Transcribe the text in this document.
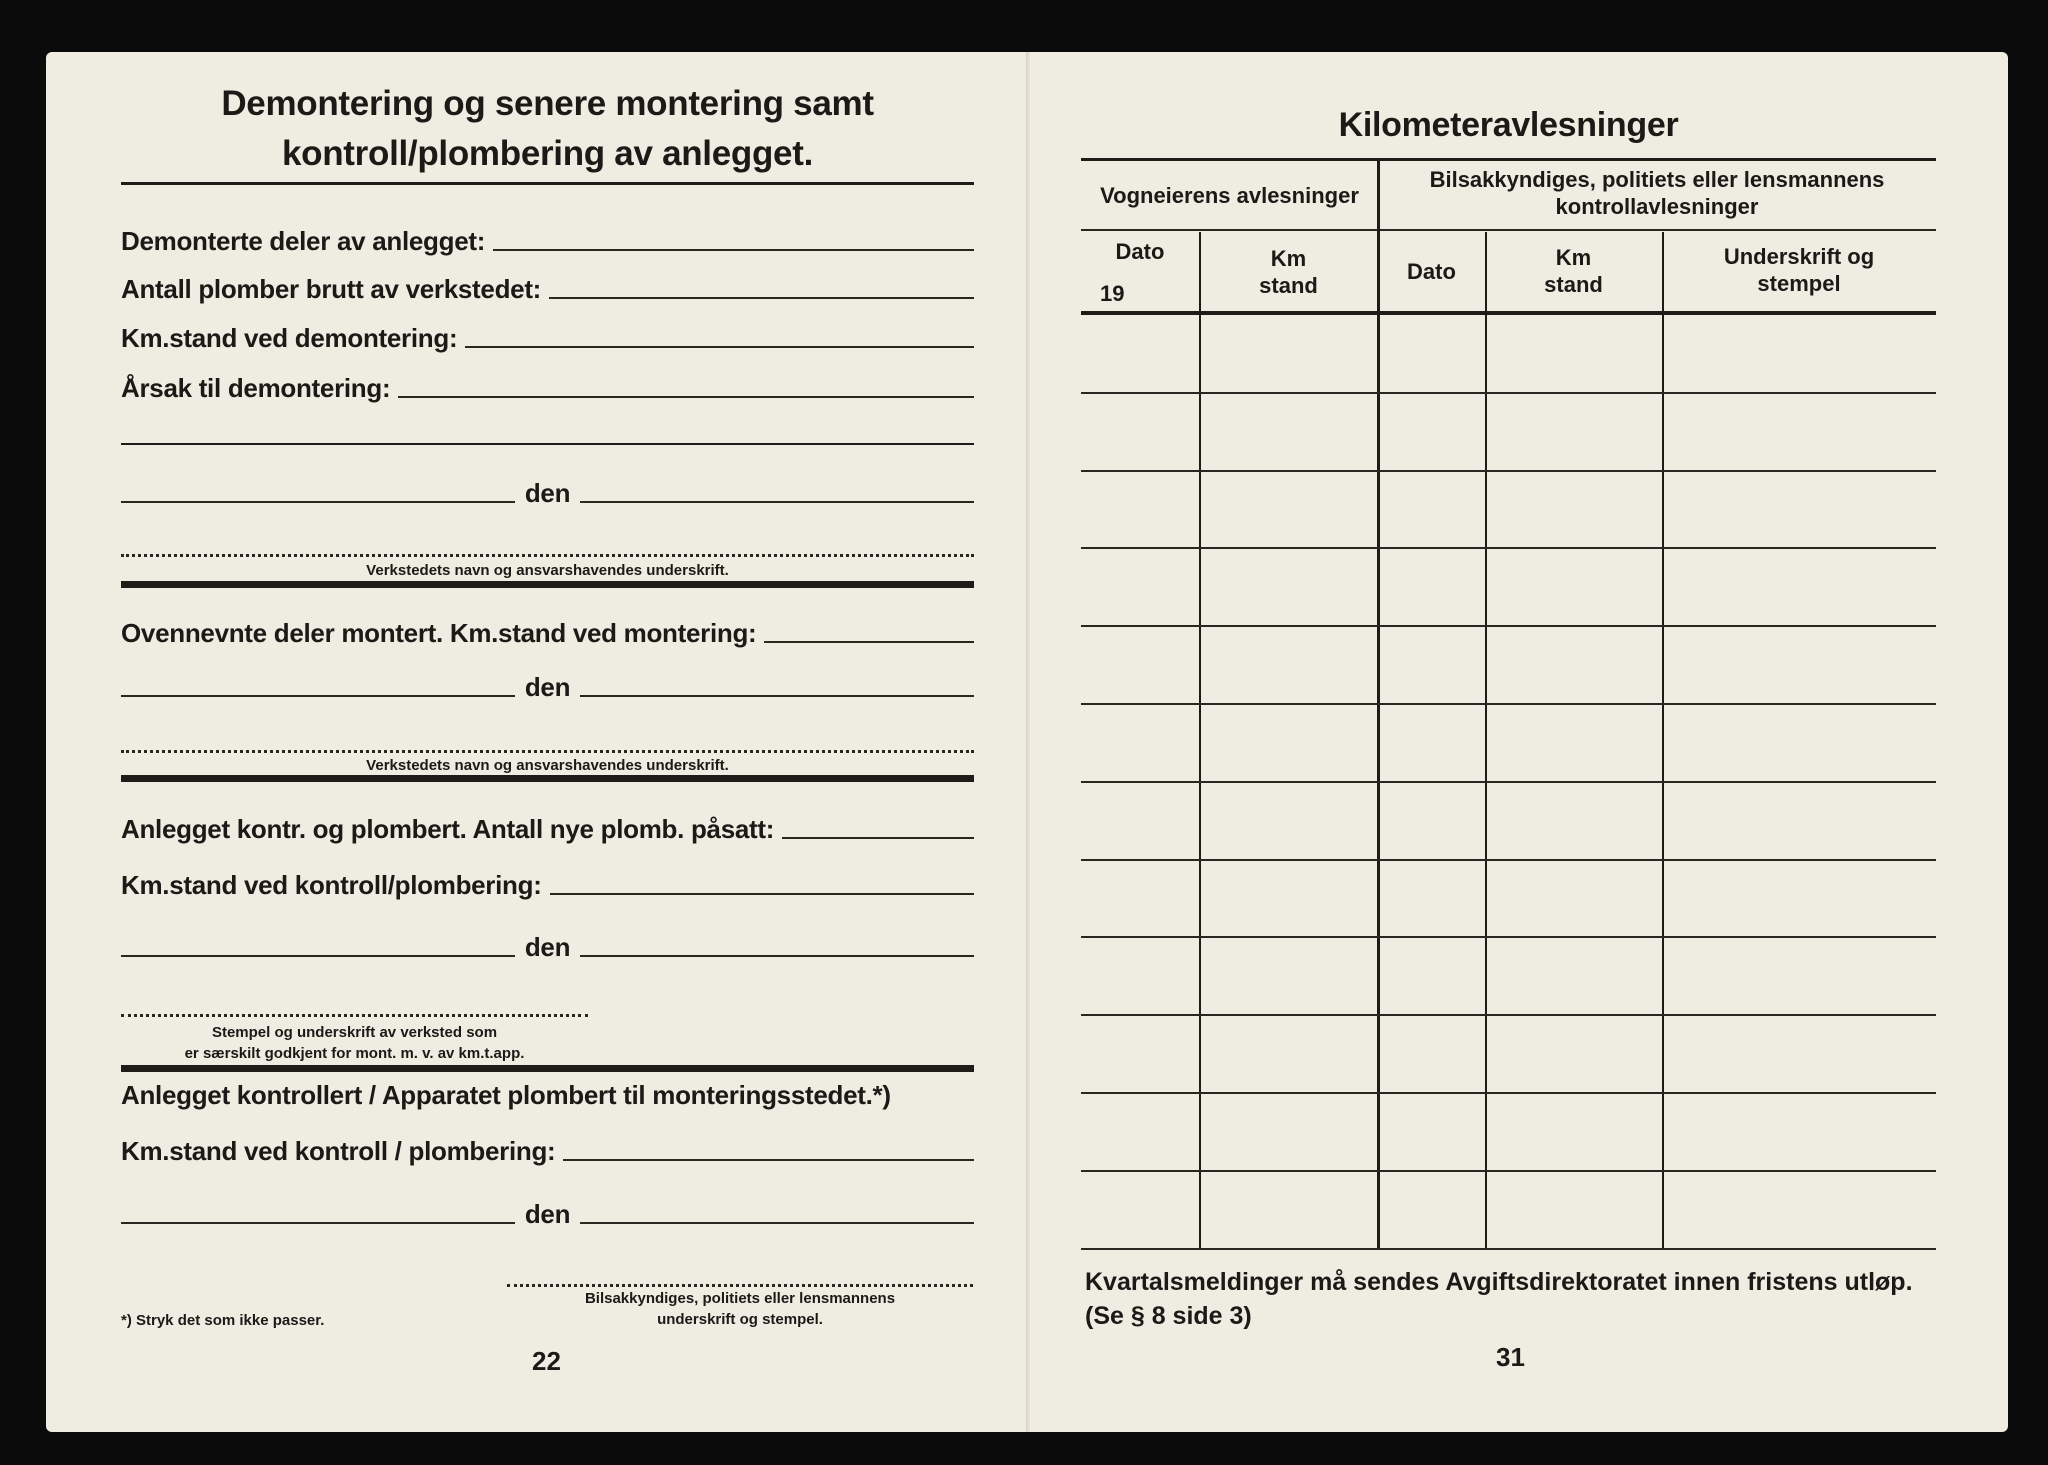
Demontering og senere montering samt
kontroll/plombering av anlegget.
Demonterte deler av anlegget:
Antall plomber brutt av verkstedet:
Km.stand ved demontering:
Årsak til demontering:
den
Verkstedets navn og ansvarshavendes underskrift.
Ovennevnte deler montert. Km.stand ved montering:
den
Verkstedets navn og ansvarshavendes underskrift.
Anlegget kontr. og plombert. Antall nye plomb. påsatt:
Km.stand ved kontroll/plombering:
den
Stempel og underskrift av verksted som
er særskilt godkjent for mont. m. v. av km.t.app.
Anlegget kontrollert / Apparatet plombert til monteringsstedet.*)
Km.stand ved kontroll / plombering:
den
Bilsakkyndiges, politiets eller lensmannens
underskrift og stempel.
*) Stryk det som ikke passer.
22
Kilometeravlesninger
Vogneierens avlesninger
Bilsakkyndiges, politiets eller lensmannens
kontrollavlesninger
Dato
19
Km
stand
Dato
Km
stand
Underskrift og
stempel
Kvartalsmeldinger må sendes Avgiftsdirektoratet innen fristens utløp.
(Se § 8 side 3)
31
